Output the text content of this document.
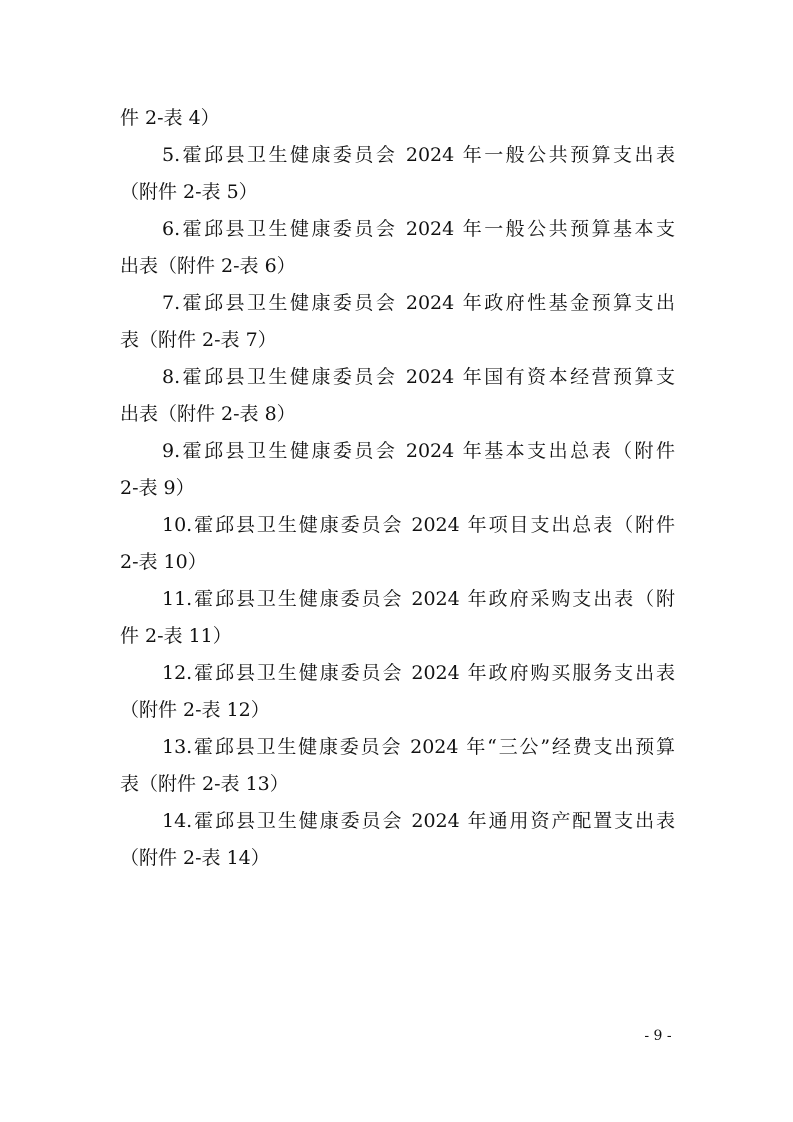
件 2-表 4）
5.霍邱县卫生健康委员会 2024 年一般公共预算支出表
（附件 2-表 5）
6.霍邱县卫生健康委员会 2024 年一般公共预算基本支
出表（附件 2-表 6）
7.霍邱县卫生健康委员会 2024 年政府性基金预算支出
表（附件 2-表 7）
8.霍邱县卫生健康委员会 2024 年国有资本经营预算支
出表（附件 2-表 8）
9.霍邱县卫生健康委员会 2024 年基本支出总表（附件
2-表 9）
10.霍邱县卫生健康委员会 2024 年项目支出总表（附件
2-表 10）
11.霍邱县卫生健康委员会 2024 年政府采购支出表（附
件 2-表 11）
12.霍邱县卫生健康委员会 2024 年政府购买服务支出表
（附件 2-表 12）
13.霍邱县卫生健康委员会 2024 年“三公”经费支出预算
表（附件 2-表 13）
14.霍邱县卫生健康委员会 2024 年通用资产配置支出表
（附件 2-表 14）
- 9 -
